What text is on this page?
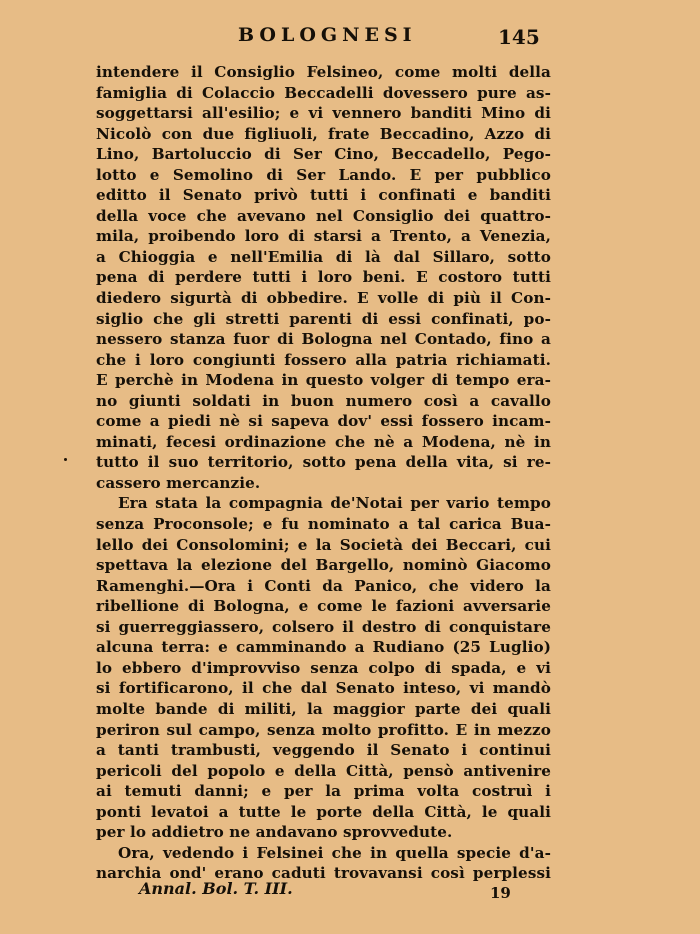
BOLOGNESI	145
intendere il Consiglio Felsineo, come molti della
famiglia di Colaccio Beccadelli dovessero pure as-
soggettarsi all'esilio; e vi vennero banditi Mino di
Nicolò con due figliuoli, frate Beccadino, Azzo di
Lino, Bartoluccio di Ser Cino, Beccadello, Pego-
lotto e Semolino di Ser Lando. E per pubblico
editto il Senato privò tutti i confinati e banditi
della voce che avevano nel Consiglio dei quattro-
mila, proibendo loro di starsi a Trento, a Venezia,
a Chioggia e nell'Emilia di là dal Sillaro, sotto
pena di perdere tutti i loro beni. E costoro tutti
diedero sigurtà di obbedire. E volle di più il Con-
siglio che gli stretti parenti di essi confinati, po-
nessero stanza fuor di Bologna nel Contado, fino a
che i loro congiunti fossero alla patria richiamati.
E perchè in Modena in questo volger di tempo era-
no giunti soldati in buon numero così a cavallo
come a piedi nè si sapeva dov' essi fossero incam-
minati, fecesi ordinazione che nè a Modena, nè in
tutto il suo territorio, sotto pena della vita, si re-
cassero mercanzie.
Era stata la compagnia de'Notai per vario tempo
senza Proconsole; e fu nominato a tal carica Bua-
lello dei Consolomini; e la Società dei Beccari, cui
spettava la elezione del Bargello, nominò Giacomo
Ramenghi.—Ora i Conti da Panico, che videro la
ribellione di Bologna, e come le fazioni avversarie
si guerreggiassero, colsero il destro di conquistare
alcuna terra: e camminando a Rudiano (25 Luglio)
lo ebbero d'improvviso senza colpo di spada, e vi
si fortificarono, il che dal Senato inteso, vi mandò
molte bande di militi, la maggior parte dei quali
periron sul campo, senza molto profitto. E in mezzo
a tanti trambusti, veggendo il Senato i continui
pericoli del popolo e della Città, pensò antivenire
ai temuti danni; e per la prima volta costruì i
ponti levatoi a tutte le porte della Città, le quali
per lo addietro ne andavano sprovvedute.
Ora, vedendo i Felsinei che in quella specie d'a-
narchia ond' erano caduti trovavansi così perplessi
Annal. Bol. T. III.	19
